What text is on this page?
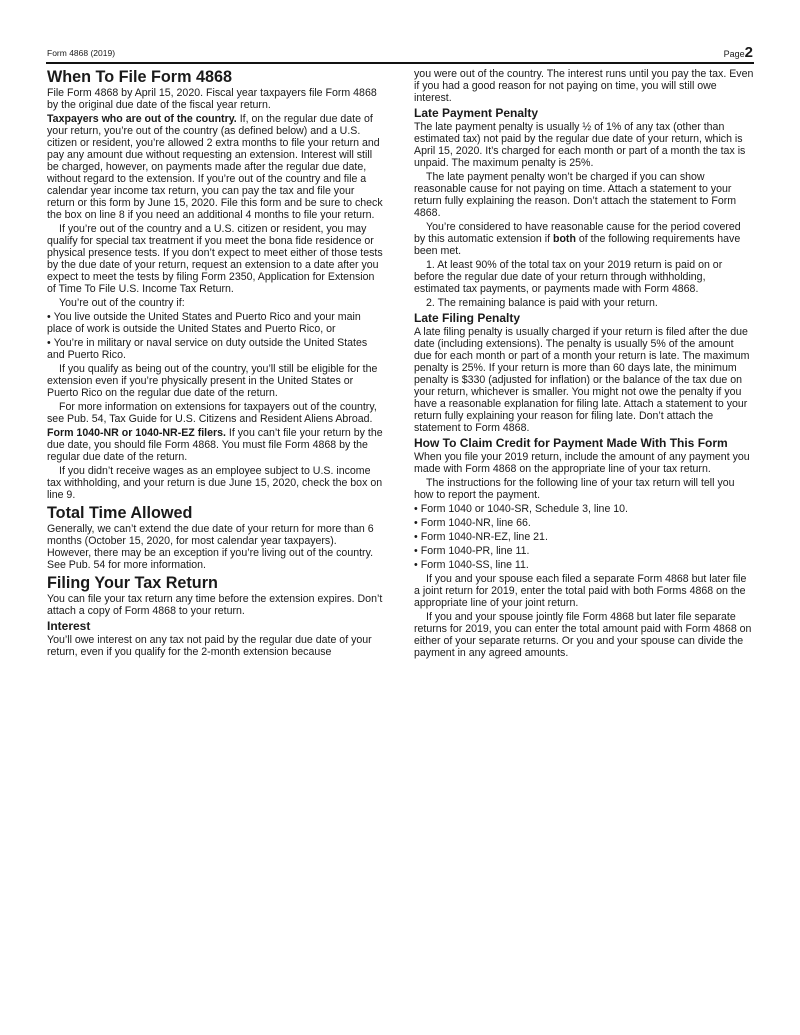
Form 4868 (2019)	Page2
When To File Form 4868

File Form 4868 by April 15, 2020. Fiscal year taxpayers file Form 4868 by the original due date of the fiscal year return.

Taxpayers who are out of the country. If, on the regular due date of your return, you’re out of the country (as defined below) and a U.S. citizen or resident, you’re allowed 2 extra months to file your return and pay any amount due without requesting an extension. Interest will still be charged, however, on payments made after the regular due date, without regard to the extension. If you’re out of the country and file a calendar year income tax return, you can pay the tax and file your return or this form by June 15, 2020. File this form and be sure to check the box on line 8 if you need an additional 4 months to file your return.

If you’re out of the country and a U.S. citizen or resident, you may qualify for special tax treatment if you meet the bona fide residence or physical presence tests. If you don’t expect to meet either of those tests by the due date of your return, request an extension to a date after you expect to meet the tests by filing Form 2350, Application for Extension of Time To File U.S. Income Tax Return.

You’re out of the country if:

• You live outside the United States and Puerto Rico and your main place of work is outside the United States and Puerto Rico, or

• You’re in military or naval service on duty outside the United States and Puerto Rico.

If you qualify as being out of the country, you’ll still be eligible for the extension even if you’re physically present in the United States or Puerto Rico on the regular due date of the return.

For more information on extensions for taxpayers out of the country, see Pub. 54, Tax Guide for U.S. Citizens and Resident Aliens Abroad.

Form 1040-NR or 1040-NR-EZ filers. If you can’t file your return by the due date, you should file Form 4868. You must file Form 4868 by the regular due date of the return.

If you didn’t receive wages as an employee subject to U.S. income tax withholding, and your return is due June 15, 2020, check the box on line 9.

Total Time Allowed

Generally, we can’t extend the due date of your return for more than 6 months (October 15, 2020, for most calendar year taxpayers). However, there may be an exception if you’re living out of the country. See Pub. 54 for more information.

Filing Your Tax Return

You can file your tax return any time before the extension expires. Don’t attach a copy of Form 4868 to your return.

Interest

You’ll owe interest on any tax not paid by the regular due date of your return, even if you qualify for the 2-month extension because

you were out of the country. The interest runs until you pay the tax. Even if you had a good reason for not paying on time, you will still owe interest.

Late Payment Penalty

The late payment penalty is usually ½ of 1% of any tax (other than estimated tax) not paid by the regular due date of your return, which is April 15, 2020. It’s charged for each month or part of a month the tax is unpaid. The maximum penalty is 25%.

The late payment penalty won’t be charged if you can show reasonable cause for not paying on time. Attach a statement to your return fully explaining the reason. Don’t attach the statement to Form 4868.

You’re considered to have reasonable cause for the period covered by this automatic extension if both of the following requirements have been met.

1. At least 90% of the total tax on your 2019 return is paid on or before the regular due date of your return through withholding, estimated tax payments, or payments made with Form 4868.

2. The remaining balance is paid with your return.

Late Filing Penalty

A late filing penalty is usually charged if your return is filed after the due date (including extensions). The penalty is usually 5% of the amount due for each month or part of a month your return is late. The maximum penalty is 25%. If your return is more than 60 days late, the minimum penalty is $330 (adjusted for inflation) or the balance of the tax due on your return, whichever is smaller. You might not owe the penalty if you have a reasonable explanation for filing late. Attach a statement to your return fully explaining your reason for filing late. Don’t attach the statement to Form 4868.

How To Claim Credit for Payment Made With This Form

When you file your 2019 return, include the amount of any payment you made with Form 4868 on the appropriate line of your tax return.

The instructions for the following line of your tax return will tell you how to report the payment.

• Form 1040 or 1040-SR, Schedule 3, line 10.

• Form 1040-NR, line 66.

• Form 1040-NR-EZ, line 21.

• Form 1040-PR, line 11.

• Form 1040-SS, line 11.

If you and your spouse each filed a separate Form 4868 but later file a joint return for 2019, enter the total paid with both Forms 4868 on the appropriate line of your joint return.

If you and your spouse jointly file Form 4868 but later file separate returns for 2019, you can enter the total amount paid with Form 4868 on either of your separate returns. Or you and your spouse can divide the payment in any agreed amounts.
